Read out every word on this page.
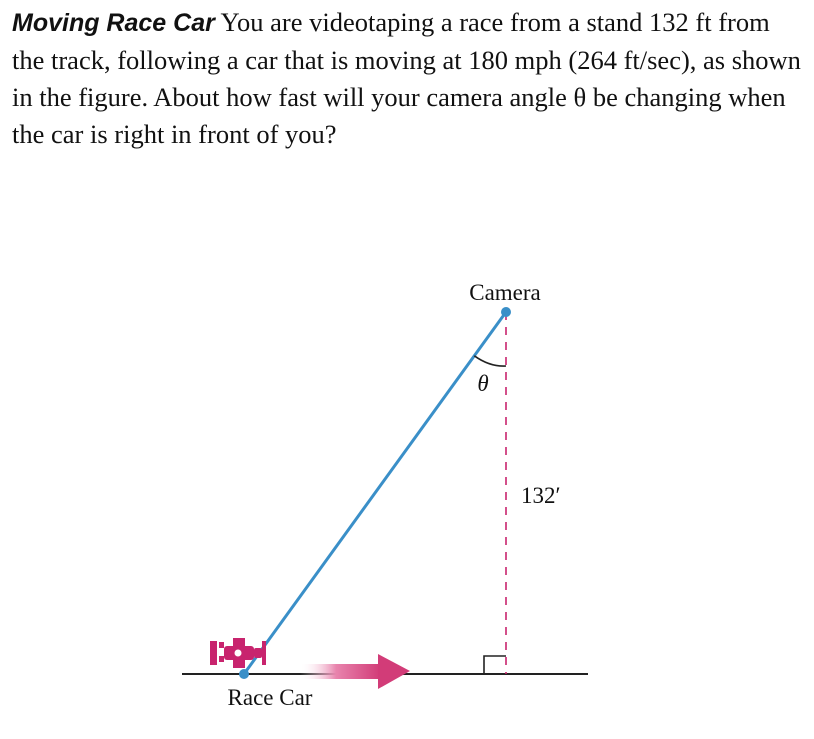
Moving Race Car You are videotaping a race from a stand 132 ft from the track, following a car that is moving at 180 mph (264 ft/sec), as shown in the figure. About how fast will your camera angle θ be changing when the car is right in front of you?

Camera
θ
132′
Race Car
